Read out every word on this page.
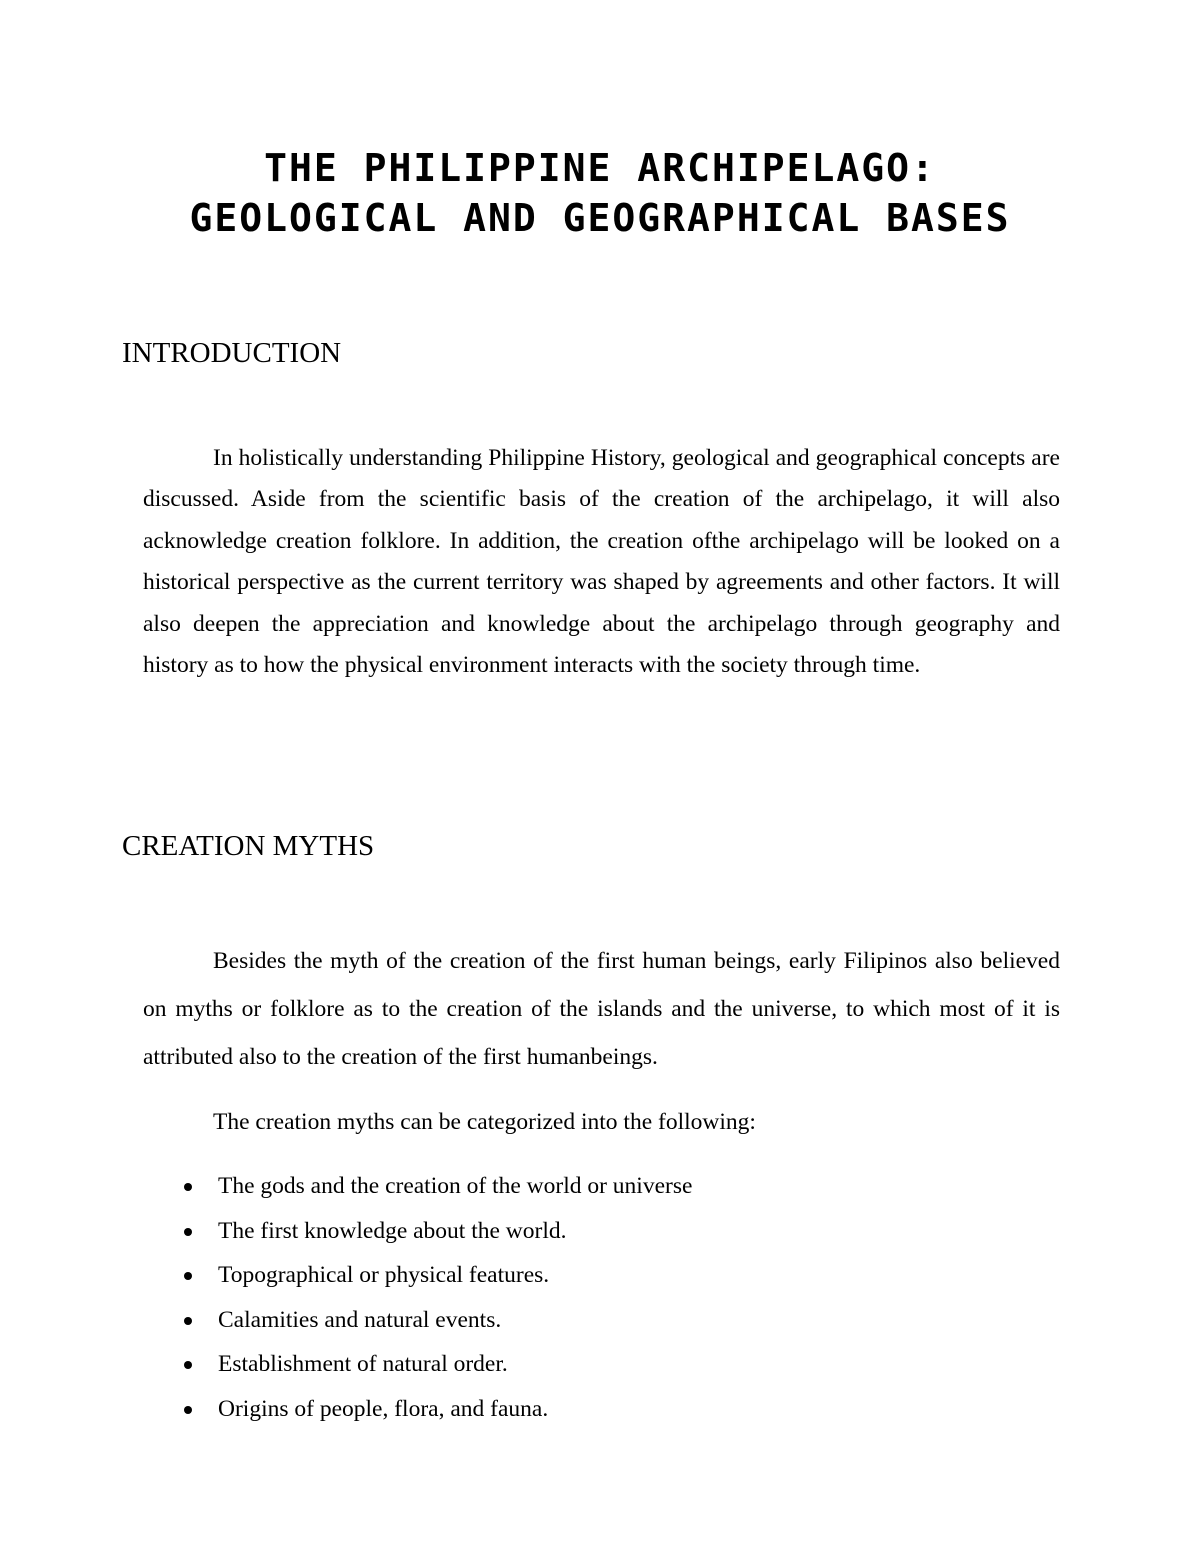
THE PHILIPPINE ARCHIPELAGO:
GEOLOGICAL AND GEOGRAPHICAL BASES
INTRODUCTION

In holistically understanding Philippine History, geological and geographical concepts are discussed. Aside from the scientific basis of the creation of the archipelago, it will also acknowledge creation folklore. In addition, the creation ofthe archipelago will be looked on a historical perspective as the current territory was shaped by agreements and other factors. It will also deepen the appreciation and knowledge about the archipelago through geography and history as to how the physical environment interacts with the society through time.

CREATION MYTHS

Besides the myth of the creation of the first human beings, early Filipinos also believed on myths or folklore as to the creation of the islands and the universe, to which most of it is attributed also to the creation of the first humanbeings.

The creation myths can be categorized into the following:

The gods and the creation of the world or universe
The first knowledge about the world.
Topographical or physical features.
Calamities and natural events.
Establishment of natural order.
Origins of people, flora, and fauna.
